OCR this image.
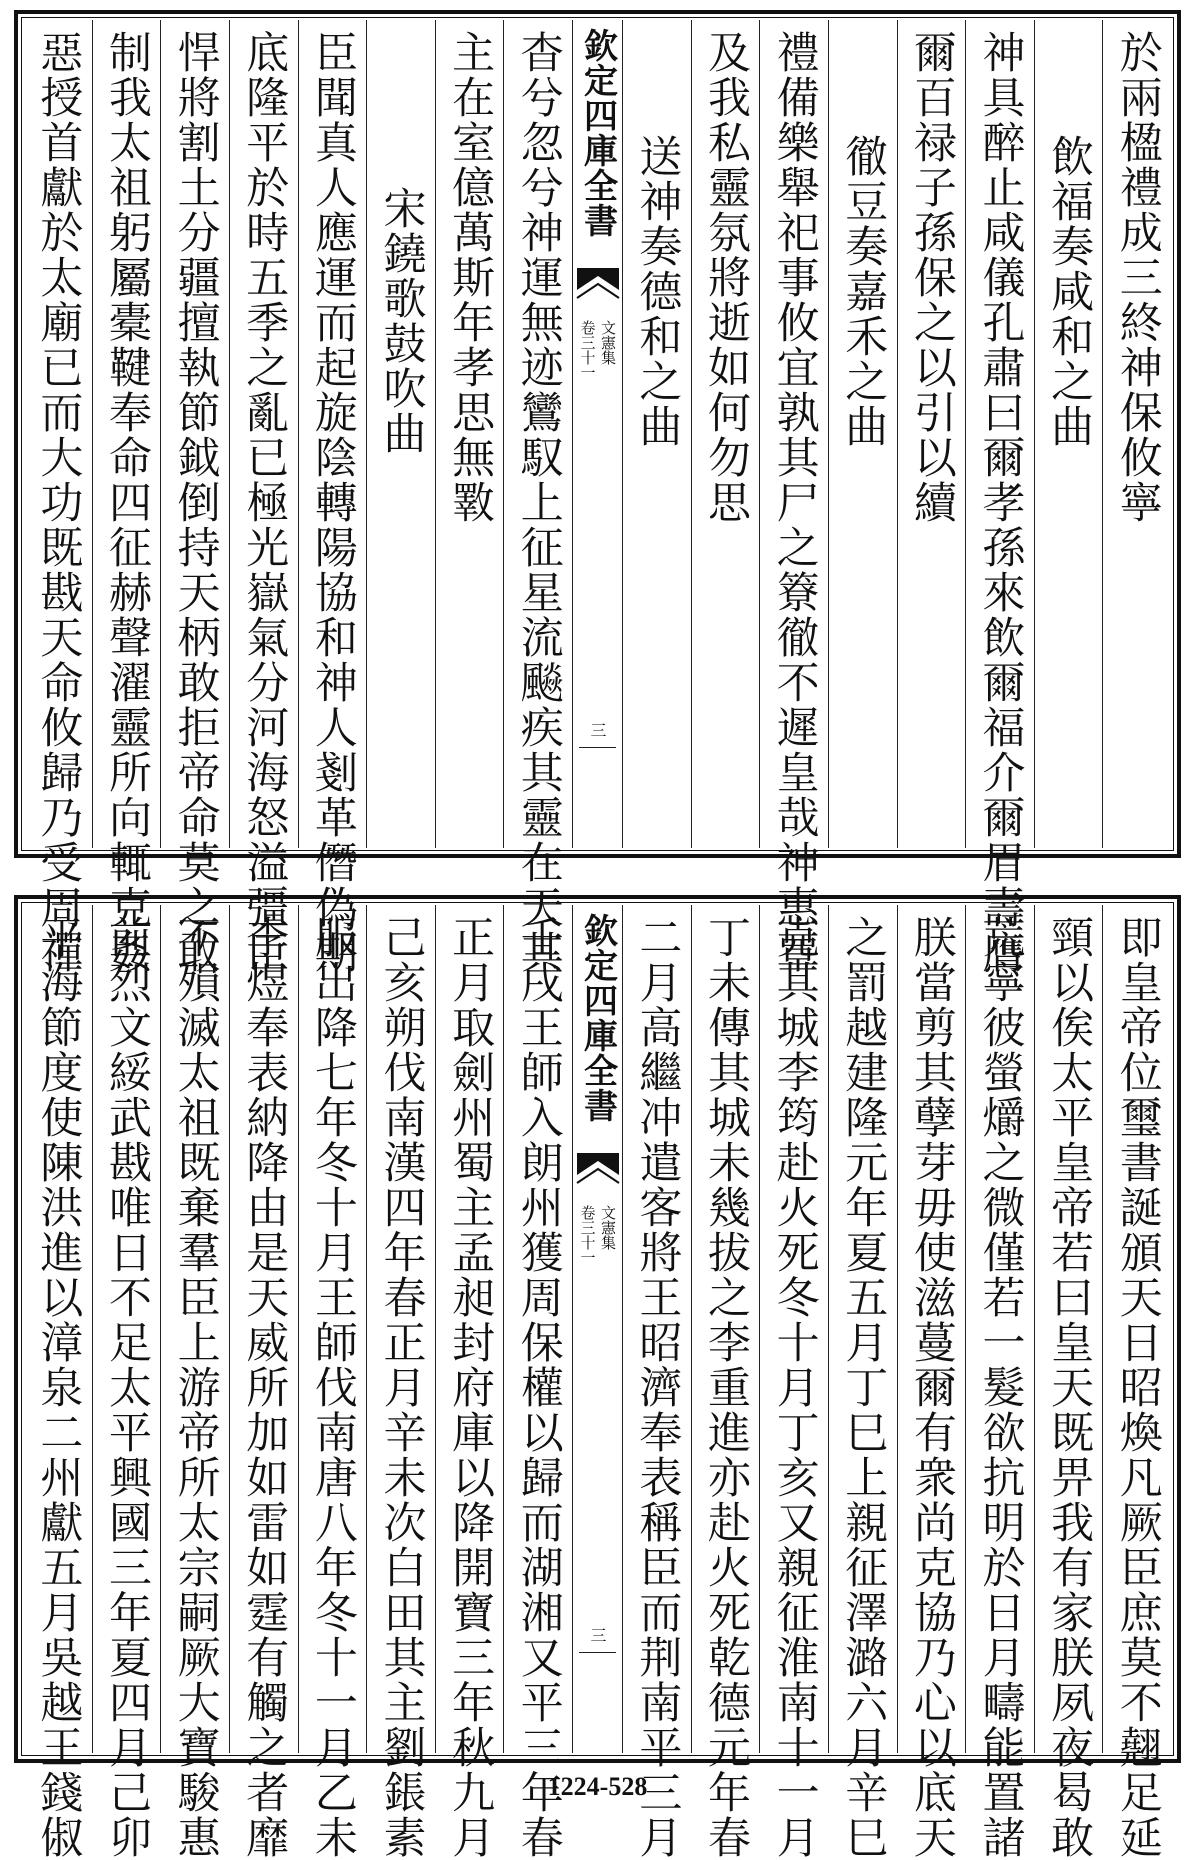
於兩楹禮成三終神保攸寧
飲福奏咸和之曲
神具醉止咸儀孔肅曰爾孝孫來飲爾福介爾眉壽膺
爾百禄子孫保之以引以續
徹豆奏嘉禾之曲
禮備樂舉祀事攸宜孰其尸之簝徹不遲皇哉神惠覃
及我私靈氛將逝如何勿思
送神奏德和之曲
欽定四庫全書
文憲集
卷三十一
三
杳兮忽兮神運無迹鸞馭上征星流飈疾其靈在天其
主在室億萬斯年孝思無斁
宋鐃歌鼓吹曲
臣聞真人應運而起旋陰轉陽協和神人剗革僭偽期
底隆平於時五季之亂已極光嶽氣分河海怒溢彊臣
悍將割土分疆擅執節鉞倒持天柄敢拒帝命莫之敢
制我太祖躬屬橐鞬奉命四征赫聲濯靈所向輒克姦
惡授首獻於太廟已而大功既戡天命攸歸乃受周禪
即皇帝位璽書誕頒天日昭煥凡厥臣庶莫不翹足延
頸以俟太平皇帝若曰皇天既畀我有家朕夙夜曷敢
荒寧彼螢爝之微僅若一髮欲抗明於日月疇能置諸
朕當剪其孽芽毋使滋蔓爾有衆尚克協乃心以底天
之罰越建隆元年夏五月丁巳上親征澤潞六月辛巳
克其城李筠赴火死冬十月丁亥又親征淮南十一月
丁未傳其城未幾拔之李重進亦赴火死乾德元年春
二月高繼冲遣客將王昭濟奉表稱臣而荆南平三月
欽定四庫全書
文憲集
卷三十一
三
壬戌王師入朗州獲周保權以歸而湖湘又平三年春
正月取劍州蜀主孟昶封府庫以降開寶三年秋九月
己亥朔伐南漢四年春正月辛未次白田其主劉鋹素
服出降七年冬十月王師伐南唐八年冬十一月乙未
李煜奉表納降由是天威所加如雷如霆有觸之者靡
不殞滅太祖既棄羣臣上游帝所太宗嗣厥大寶駿惠
前烈文綏武戡唯日不足太平興國三年夏四月己卯
平海節度使陳洪進以漳泉二州獻五月吳越王錢俶	1224-528
